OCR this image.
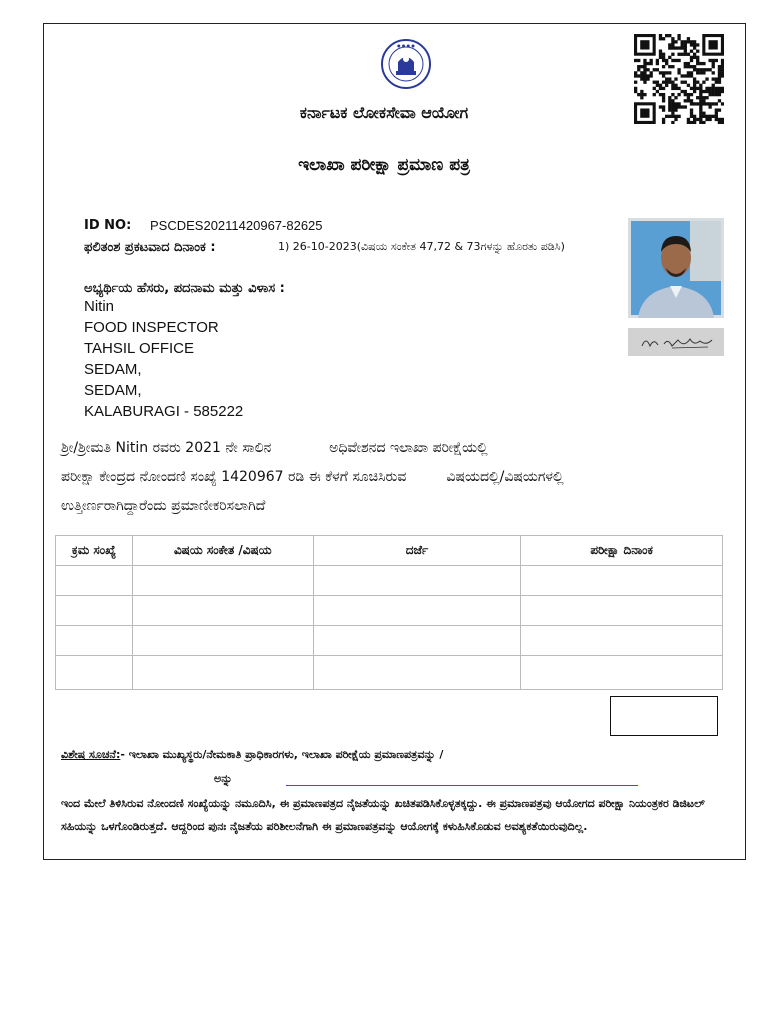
● ● ● ●
ಕರ್ನಾಟಕ ಲೋಕಸೇವಾ ಆಯೋಗ
ಇಲಾಖಾ ಪರೀಕ್ಷಾ ಪ್ರಮಾಣ ಪತ್ರ
ID NO: PSCDES20211420967-82625
ಫಲಿತಂಶ ಪ್ರಕಟವಾದ ದಿನಾಂಕ :	1) 26-10-2023(ವಿಷಯ ಸಂಕೇತ 47,72 & 73ಗಳನ್ನು ಹೊರತು ಪಡಿಸಿ)
ಅಭ್ಯರ್ಥಿಯ ಹೆಸರು, ಪದನಾಮ ಮತ್ತು ವಿಳಾಸ :
Nitin
FOOD INSPECTOR
TAHSIL OFFICE
SEDAM,
SEDAM,
KALABURAGI - 585222
ಶ್ರೀ/ಶ್ರೀಮತಿ Nitin ರವರು 2021 ನೇ ಸಾಲಿನ             ಅಧಿವೇಶನದ ಇಲಾಖಾ ಪರೀಕ್ಷೆಯಲ್ಲಿ
ಪರೀಕ್ಷಾ ಕೇಂದ್ರದ ನೋಂದಣಿ ಸಂಖ್ಯೆ 1420967 ರಡಿ ಈ ಕೆಳಗೆ ಸೂಚಿಸಿರುವ         ವಿಷಯದಲ್ಲಿ/ವಿಷಯಗಳಲ್ಲಿ
ಉತ್ತೀರ್ಣರಾಗಿದ್ದಾರೆಂದು ಪ್ರಮಾಣೀಕರಿಸಲಾಗಿದೆ
ಕ್ರಮ ಸಂಖ್ಯೆ	ವಿಷಯ ಸಂಕೇತ /ವಿಷಯ	ದರ್ಜೆ	ಪರೀಕ್ಷಾ ದಿನಾಂಕ

ವಿಶೇಷ ಸೂಚನೆ:- ಇಲಾಖಾ ಮುಖ್ಯಸ್ಥರು/ನೇಮಕಾತಿ ಪ್ರಾಧಿಕಾರಗಳು, ಇಲಾಖಾ ಪರೀಕ್ಷೆಯ ಪ್ರಮಾಣಪತ್ರವನ್ನು /
ಅನ್ನು
ಇಂದ ಮೇಲೆ ತಿಳಿಸಿರುವ ನೋಂದಣಿ ಸಂಖ್ಯೆಯನ್ನು ನಮೂದಿಸಿ, ಈ ಪ್ರಮಾಣಪತ್ರದ ನೈಜತೆಯನ್ನು ಖಚಿತಪಡಿಸಿಕೊಳ್ಳತಕ್ಕದ್ದು. ಈ ಪ್ರಮಾಣಪತ್ರವು ಆಯೋಗದ ಪರೀಕ್ಷಾ ನಿಯಂತ್ರಕರ ಡಿಜಿಟಲ್ ಸಹಿಯನ್ನು ಒಳಗೊಂಡಿರುತ್ತದೆ. ಆದ್ದರಿಂದ ಪುನಃ ನೈಜತೆಯ ಪರಿಶೀಲನೆಗಾಗಿ ಈ ಪ್ರಮಾಣಪತ್ರವನ್ನು ಆಯೋಗಕ್ಕೆ ಕಳುಹಿಸಿಕೊಡುವ ಅವಶ್ಯಕತೆಯಿರುವುದಿಲ್ಲ.
